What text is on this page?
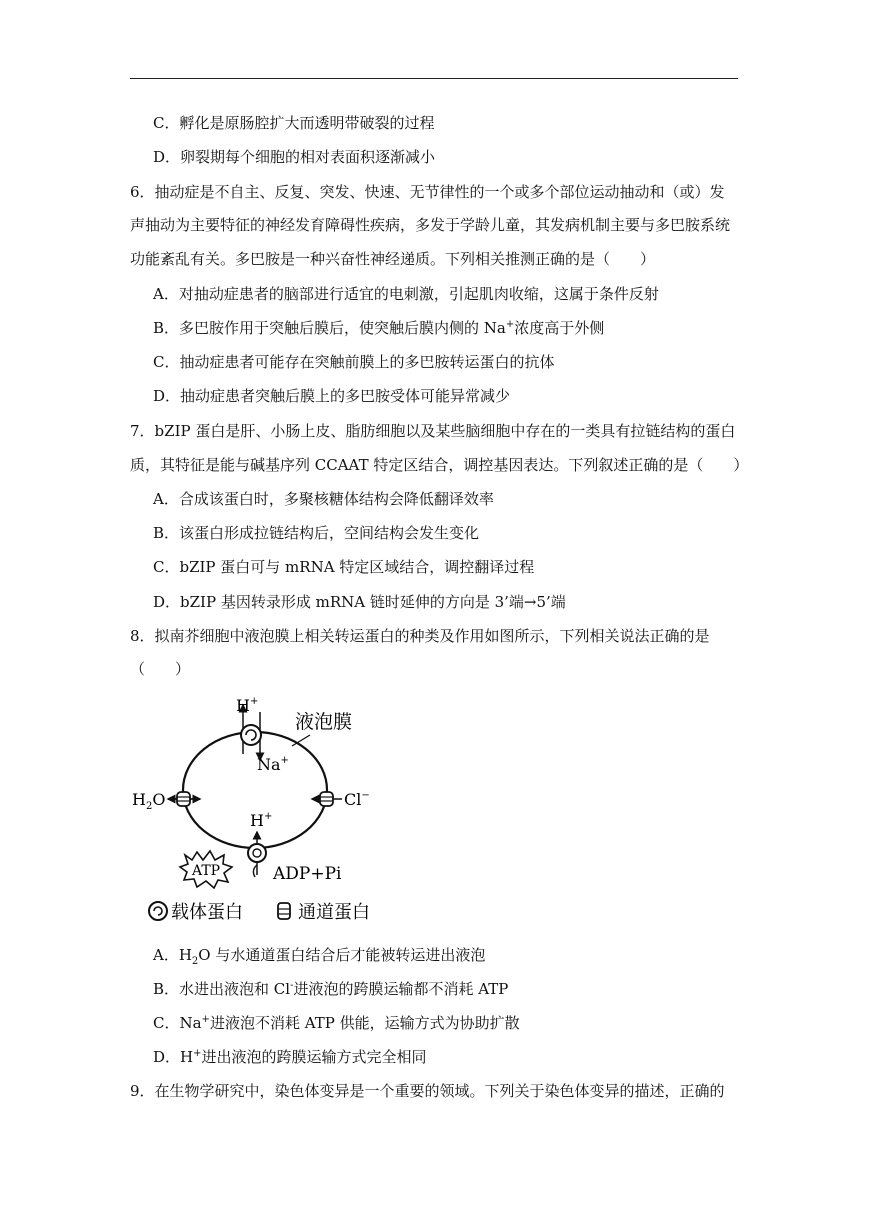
C．孵化是原肠腔扩大而透明带破裂的过程
D．卵裂期每个细胞的相对表面积逐渐减小
6．抽动症是不自主、反复、突发、快速、无节律性的一个或多个部位运动抽动和（或）发
声抽动为主要特征的神经发育障碍性疾病，多发于学龄儿童，其发病机制主要与多巴胺系统
功能紊乱有关。多巴胺是一种兴奋性神经递质。下列相关推测正确的是（　　）
A．对抽动症患者的脑部进行适宜的电刺激，引起肌肉收缩，这属于条件反射
B．多巴胺作用于突触后膜后，使突触后膜内侧的 Na+浓度高于外侧
C．抽动症患者可能存在突触前膜上的多巴胺转运蛋白的抗体
D．抽动症患者突触后膜上的多巴胺受体可能异常减少
7．bZIP 蛋白是肝、小肠上皮、脂肪细胞以及某些脑细胞中存在的一类具有拉链结构的蛋白
质，其特征是能与碱基序列 CCAAT 特定区结合，调控基因表达。下列叙述正确的是（　　）
A．合成该蛋白时，多聚核糖体结构会降低翻译效率
B．该蛋白形成拉链结构后，空间结构会发生变化
C．bZIP 蛋白可与 mRNA 特定区域结合，调控翻译过程
D．bZIP 基因转录形成 mRNA 链时延伸的方向是 3’端→5’端
8．拟南芥细胞中液泡膜上相关转运蛋白的种类及作用如图所示，下列相关说法正确的是
（　　）
液泡膜
H+
Na+
$H_2O$	Cl−
H+
ATP	ADP+Pi
载体蛋白	通道蛋白
A．$H_2O$ 与水通道蛋白结合后才能被转运进出液泡
B．水进出液泡和 Cl-进液泡的跨膜运输都不消耗 ATP
C．Na+进液泡不消耗 ATP 供能，运输方式为协助扩散
D．H+进出液泡的跨膜运输方式完全相同
9．在生物学研究中，染色体变异是一个重要的领域。下列关于染色体变异的描述，正确的
